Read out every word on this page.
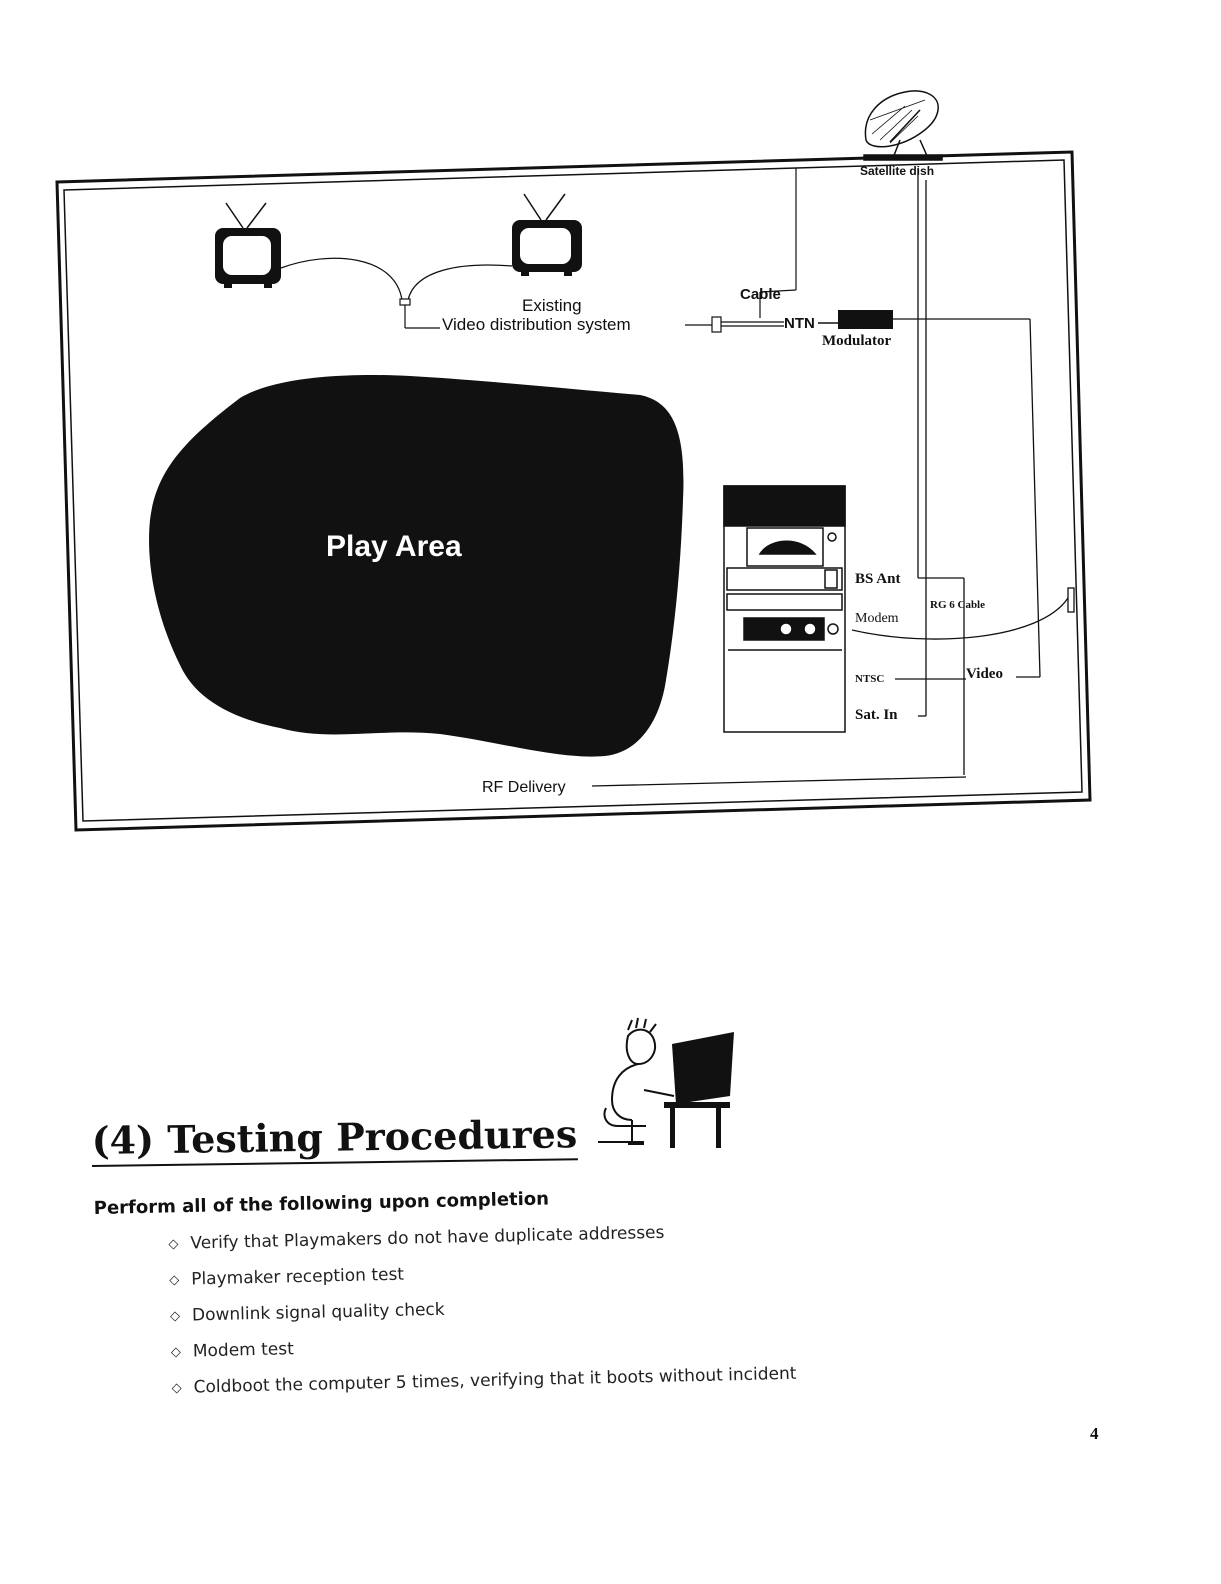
Play Area
Existing
Video distribution system
Cable
NTN
Modulator
Satellite dish
BS Ant
Modem
RG 6 Cable
NTSC	Video
Sat. In
RF Delivery
(4) Testing Procedures
Perform all of the following upon completion
◇ Verify that Playmakers do not have duplicate addresses
◇ Playmaker reception test
◇ Downlink signal quality check
◇ Modem test
◇ Coldboot the computer 5 times, verifying that it boots without incident
4
